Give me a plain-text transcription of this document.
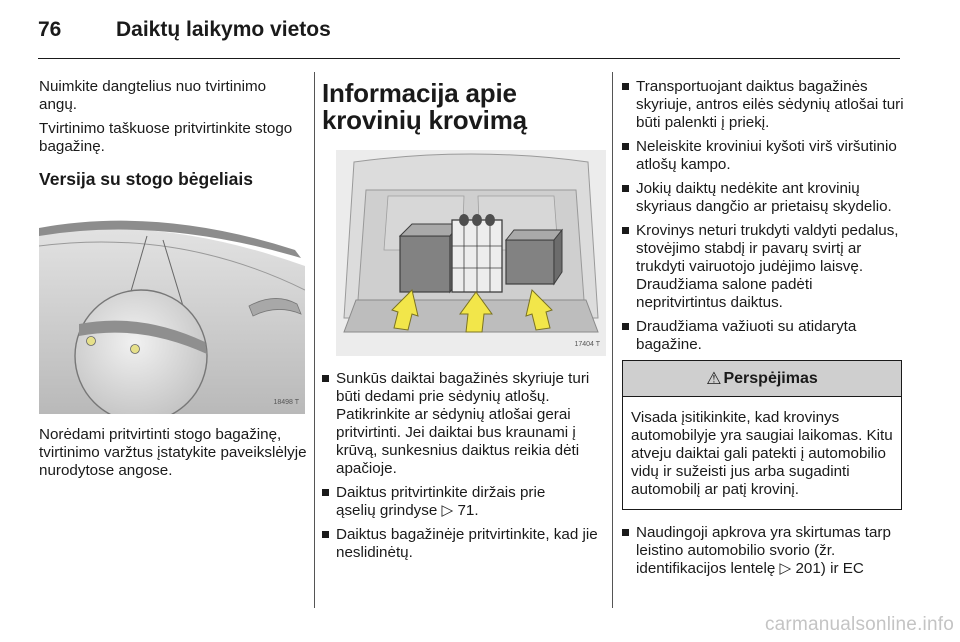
76	Daiktų laikymo vietos
Nuimkite dangtelius nuo tvirtinimo angų.
Tvirtinimo taškuose pritvirtinkite stogo bagažinę.
Versija su stogo bėgeliais
18498 T
Norėdami pritvirtinti stogo bagažinę, tvirtinimo varžtus įstatykite paveikslėlyje nurodytose angose.
Informacija apie
krovinių krovimą
17404 T
Sunkūs daiktai bagažinės skyriuje turi būti dedami prie sėdynių atlošų. Patikrinkite ar sėdynių atlošai gerai pritvirtinti. Jei daiktai bus kraunami į krūvą, sunkesnius daiktus reikia dėti apačioje.
Daiktus pritvirtinkite diržais prie
ąselių grindyse ▷ 71.
Daiktus bagažinėje pritvirtinkite, kad jie neslidinėtų.
Transportuojant daiktus bagažinės skyriuje, antros eilės sėdynių atlošai turi būti palenkti į priekį.
Neleiskite kroviniui kyšoti virš viršutinio atlošų kampo.
Jokių daiktų nedėkite ant krovinių skyriaus dangčio ar prietaisų skydelio.
Krovinys neturi trukdyti valdyti pedalus, stovėjimo stabdį ir pavarų svirtį ar trukdyti vairuotojo judėjimo laisvę. Draudžiama salone padėti nepritvirtintus daiktus.
Draudžiama važiuoti su atidaryta bagažine.
⚠ Perspėjimas
Visada įsitikinkite, kad krovinys automobilyje yra saugiai laikomas. Kitu atveju daiktai gali patekti į automobilio vidų ir sužeisti jus arba sugadinti automobilį ar patį krovinį.
Naudingoji apkrova yra skirtumas tarp leistino automobilio svorio (žr. identifikacijos lentelę ▷ 201) ir EC
carmanualsonline.info
